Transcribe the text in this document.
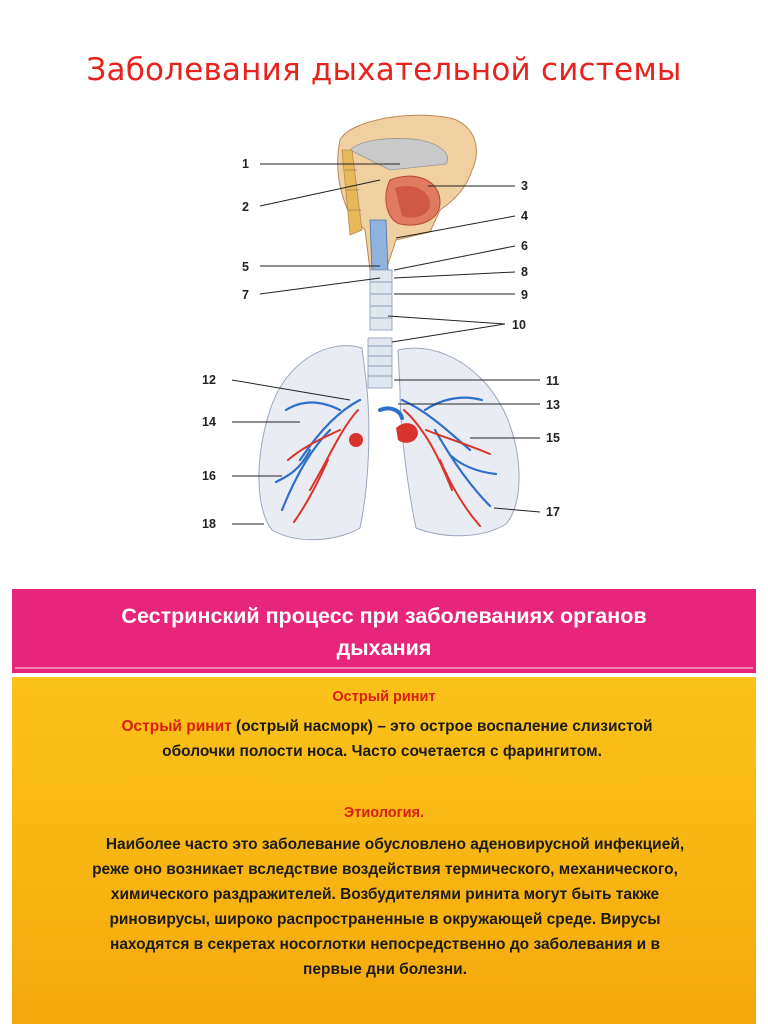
Заболевания дыхательной системы
1
2
3
4
5
6
7
8
9
10
11
12
13
14
15
16
17
18
Сестринский процесс при заболеваниях органов
дыхания

Острый ринит

Острый ринит (острый насморк) – это острое воспаление слизистой
оболочки полости носа. Часто сочетается с фарингитом.

Этиология.

Наиболее часто это заболевание обусловлено аденовирусной инфекцией,
реже оно возникает вследствие воздействия термического, механического,
химического раздражителей. Возбудителями ринита могут быть также
риновирусы, широко распространенные в окружающей среде. Вирусы
находятся в секретах носоглотки непосредственно до заболевания и в
первые дни болезни.
